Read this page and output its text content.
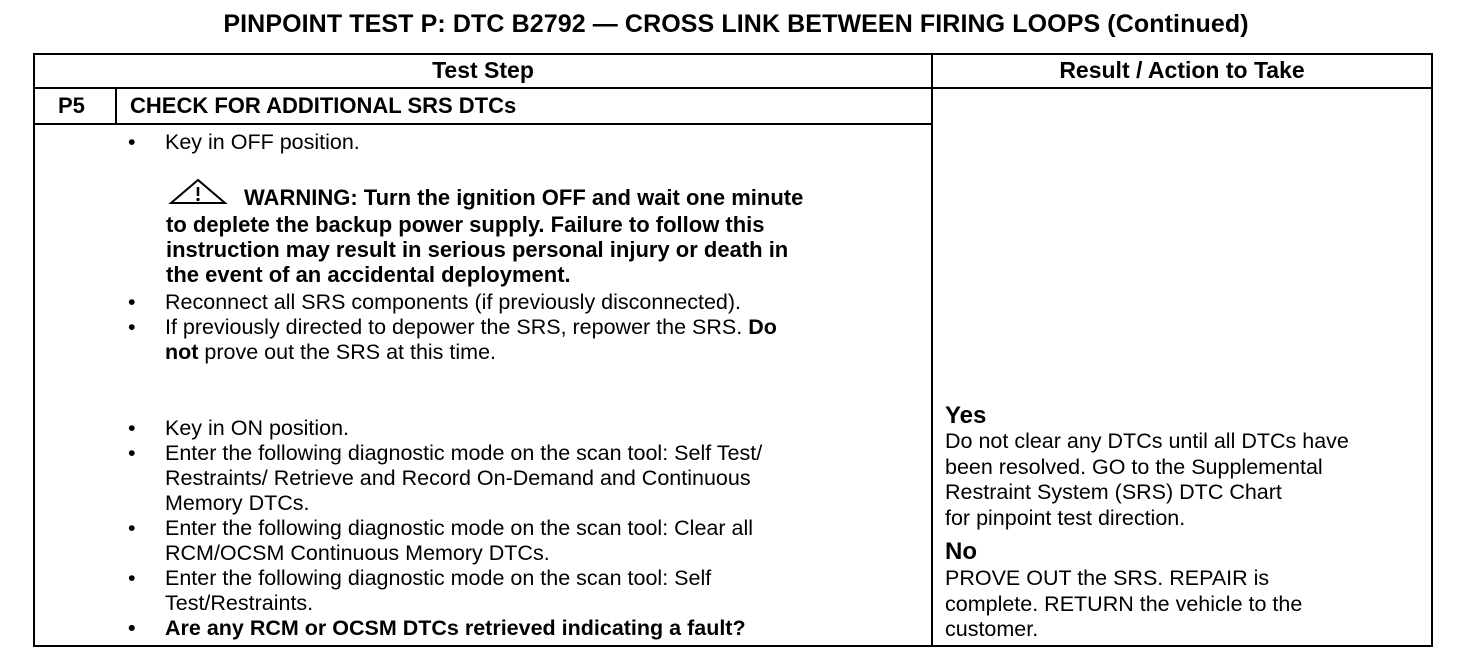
PINPOINT TEST P: DTC B2792 — CROSS LINK BETWEEN FIRING LOOPS (Continued)
Test Step	Result / Action to Take
P5 CHECK FOR ADDITIONAL SRS DTCs
• Key in OFF position.
WARNING: Turn the ignition OFF and wait one minute
to deplete the backup power supply. Failure to follow this
instruction may result in serious personal injury or death in
the event of an accidental deployment.
• Reconnect all SRS components (if previously disconnected).
• If previously directed to depower the SRS, repower the SRS. Do
not prove out the SRS at this time.
• Key in ON position.
• Enter the following diagnostic mode on the scan tool: Self Test/
Restraints/ Retrieve and Record On-Demand and Continuous
Memory DTCs.
• Enter the following diagnostic mode on the scan tool: Clear all
RCM/OCSM Continuous Memory DTCs.
• Enter the following diagnostic mode on the scan tool: Self
Test/Restraints.
• Are any RCM or OCSM DTCs retrieved indicating a fault?
Yes
Do not clear any DTCs until all DTCs have
been resolved. GO to the Supplemental
Restraint System (SRS) DTC Chart
for pinpoint test direction.
No
PROVE OUT the SRS. REPAIR is
complete. RETURN the vehicle to the
customer.
